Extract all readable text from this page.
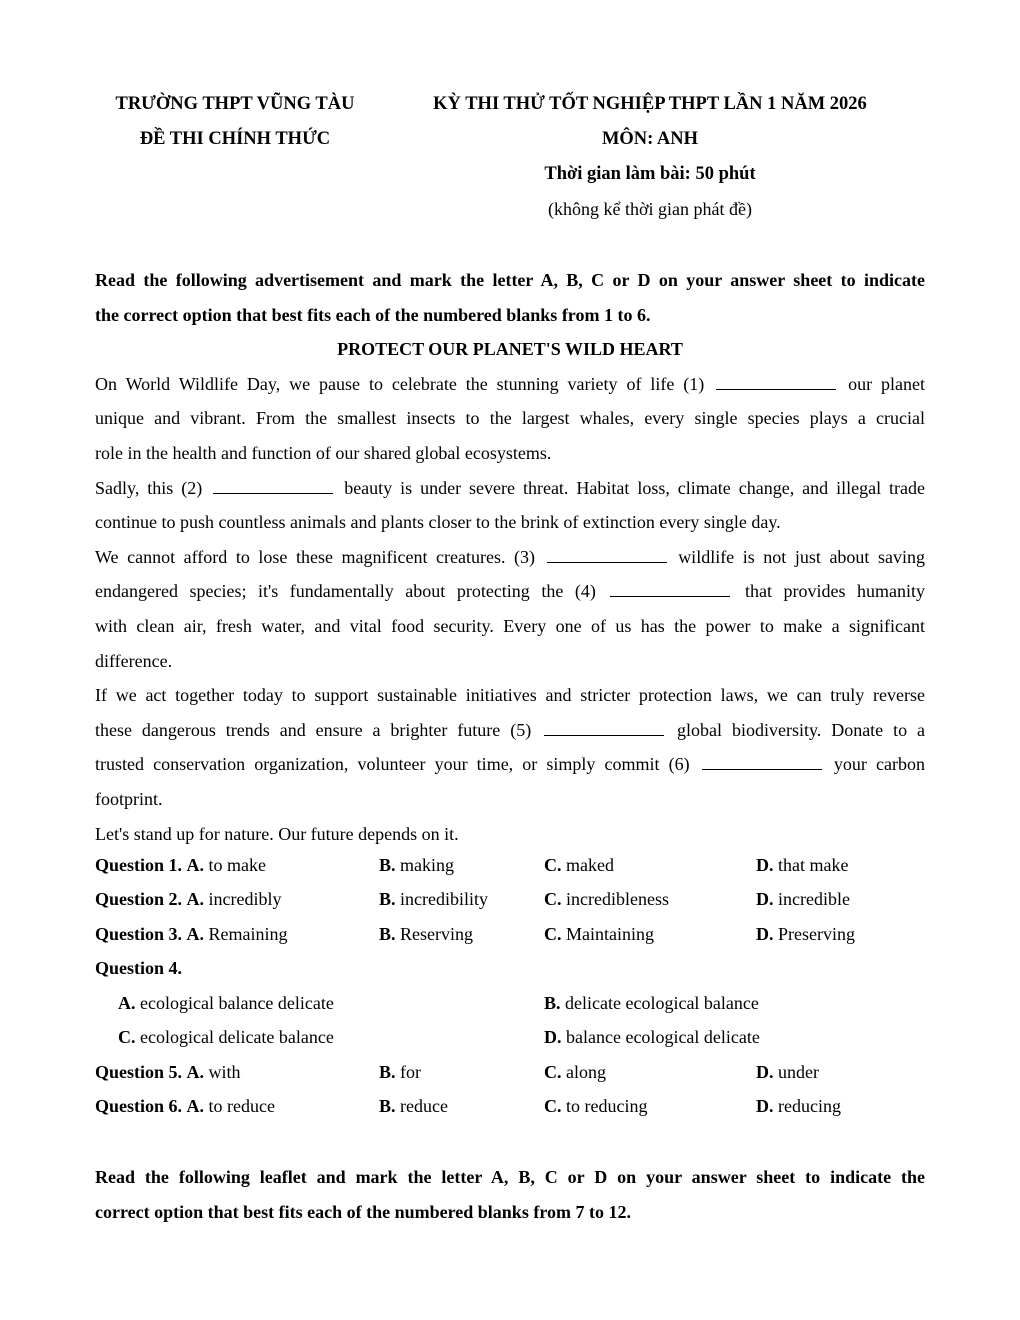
TRƯỜNG THPT VŨNG TÀU
ĐỀ THI CHÍNH THỨC
KỲ THI THỬ TỐT NGHIỆP THPT LẦN 1 NĂM 2026
MÔN: ANH
Thời gian làm bài: 50 phút
(không kể thời gian phát đề)
Read the following advertisement and mark the letter A, B, C or D on your answer sheet to indicate
the correct option that best fits each of the numbered blanks from 1 to 6.
PROTECT OUR PLANET'S WILD HEART
On World Wildlife Day, we pause to celebrate the stunning variety of life (1)	our planet
unique and vibrant. From the smallest insects to the largest whales, every single species plays a crucial
role in the health and function of our shared global ecosystems.
Sadly, this (2)	beauty is under severe threat. Habitat loss, climate change, and illegal trade
continue to push countless animals and plants closer to the brink of extinction every single day.
We cannot afford to lose these magnificent creatures. (3)	wildlife is not just about saving
endangered species; it's fundamentally about protecting the (4)	that provides humanity
with clean air, fresh water, and vital food security. Every one of us has the power to make a significant
difference.
If we act together today to support sustainable initiatives and stricter protection laws, we can truly reverse
these dangerous trends and ensure a brighter future (5)	global biodiversity. Donate to a
trusted conservation organization, volunteer your time, or simply commit (6)	your carbon
footprint.
Let's stand up for nature. Our future depends on it.
Question 1. A. to make	B. making	C. maked	D. that make
Question 2. A. incredibly	B. incredibility	C. incredibleness	D. incredible
Question 3. A. Remaining	B. Reserving	C. Maintaining	D. Preserving
Question 4.
A. ecological balance delicate	B. delicate ecological balance
C. ecological delicate balance	D. balance ecological delicate
Question 5. A. with	B. for	C. along	D. under
Question 6. A. to reduce	B. reduce	C. to reducing	D. reducing
Read the following leaflet and mark the letter A, B, C or D on your answer sheet to indicate the
correct option that best fits each of the numbered blanks from 7 to 12.
